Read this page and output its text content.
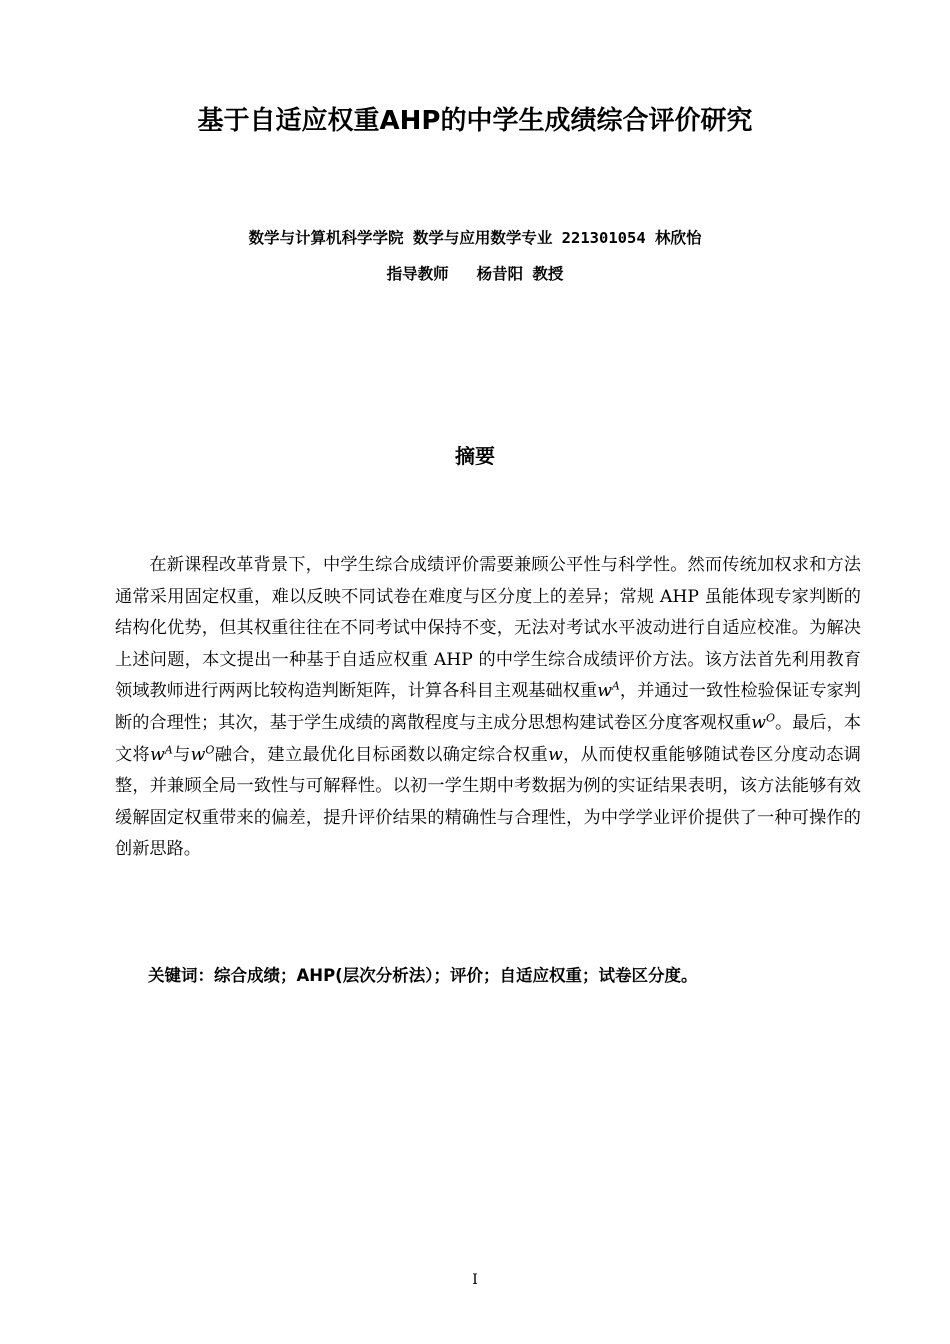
基于自适应权重AHP的中学生成绩综合评价研究
数学与计算机科学学院 数学与应用数学专业 221301054 林欣怡
指导教师   杨昔阳 教授
摘要

在新课程改革背景下，中学生综合成绩评价需要兼顾公平性与科学性。然而传统加权求和方法通常采用固定权重，难以反映不同试卷在难度与区分度上的差异；常规 AHP 虽能体现专家判断的结构化优势，但其权重往往在不同考试中保持不变，无法对考试水平波动进行自适应校准。为解决上述问题，本文提出一种基于自适应权重 AHP 的中学生综合成绩评价方法。该方法首先利用教育领域教师进行两两比较构造判断矩阵，计算各科目主观基础权重$w^A$，并通过一致性检验保证专家判断的合理性；其次，基于学生成绩的离散程度与主成分思想构建试卷区分度客观权重$w^O$。最后，本文将$w^A$与$w^O$融合，建立最优化目标函数以确定综合权重w，从而使权重能够随试卷区分度动态调整，并兼顾全局一致性与可解释性。以初一学生期中考数据为例的实证结果表明，该方法能够有效缓解固定权重带来的偏差，提升评价结果的精确性与合理性，为中学学业评价提供了一种可操作的创新思路。

关键词：综合成绩；AHP(层次分析法）；评价；自适应权重；试卷区分度。
I
